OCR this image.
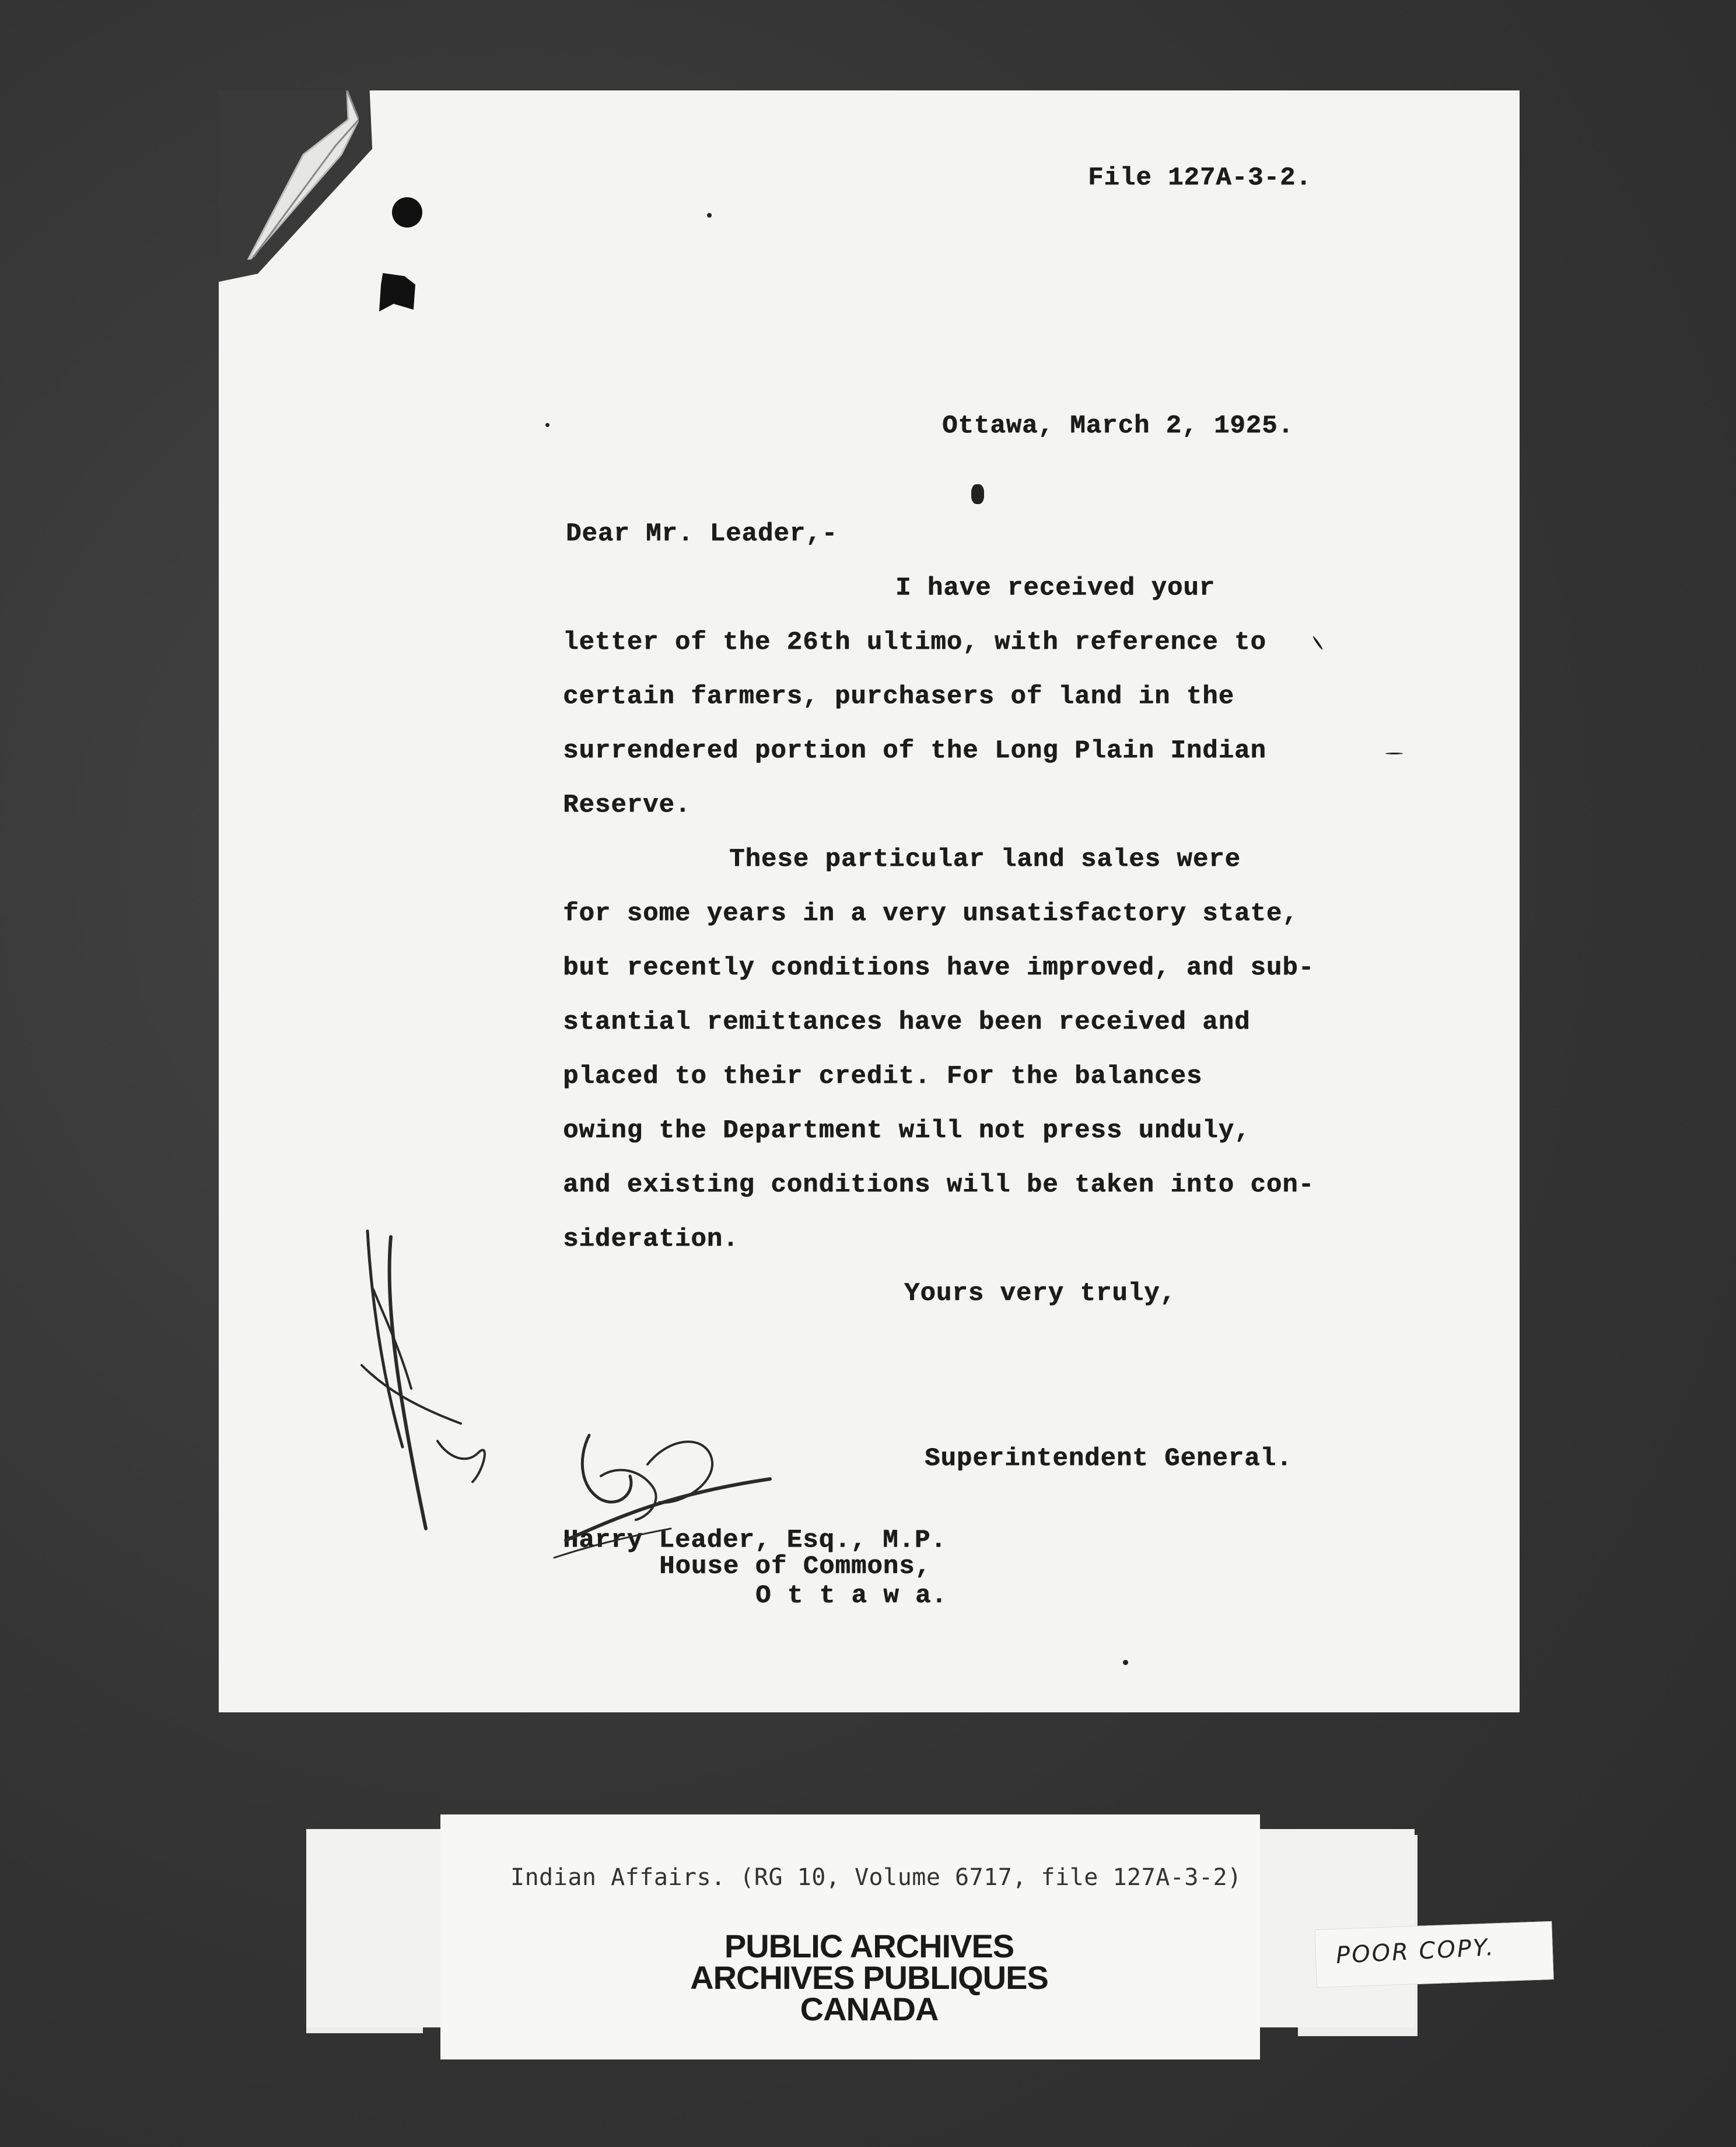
File 127A-3-2.
Ottawa, March 2, 1925.
Dear Mr. Leader,-
I have received your
letter of the 26th ultimo, with reference to
certain farmers, purchasers of land in the
surrendered portion of the Long Plain Indian
Reserve.
These particular land sales were
for some years in a very unsatisfactory state,
but recently conditions have improved, and sub-
stantial remittances have been received and
placed to their credit. For the balances
owing the Department will not press unduly,
and existing conditions will be taken into con-
sideration.
Yours very truly,
Superintendent General.
Harry Leader, Esq., M.P.
House of Commons,
O t t a w a.
Indian Affairs. (RG 10, Volume 6717, file 127A-3-2)
PUBLIC ARCHIVES
ARCHIVES PUBLIQUES
CANADA
POOR COPY.
